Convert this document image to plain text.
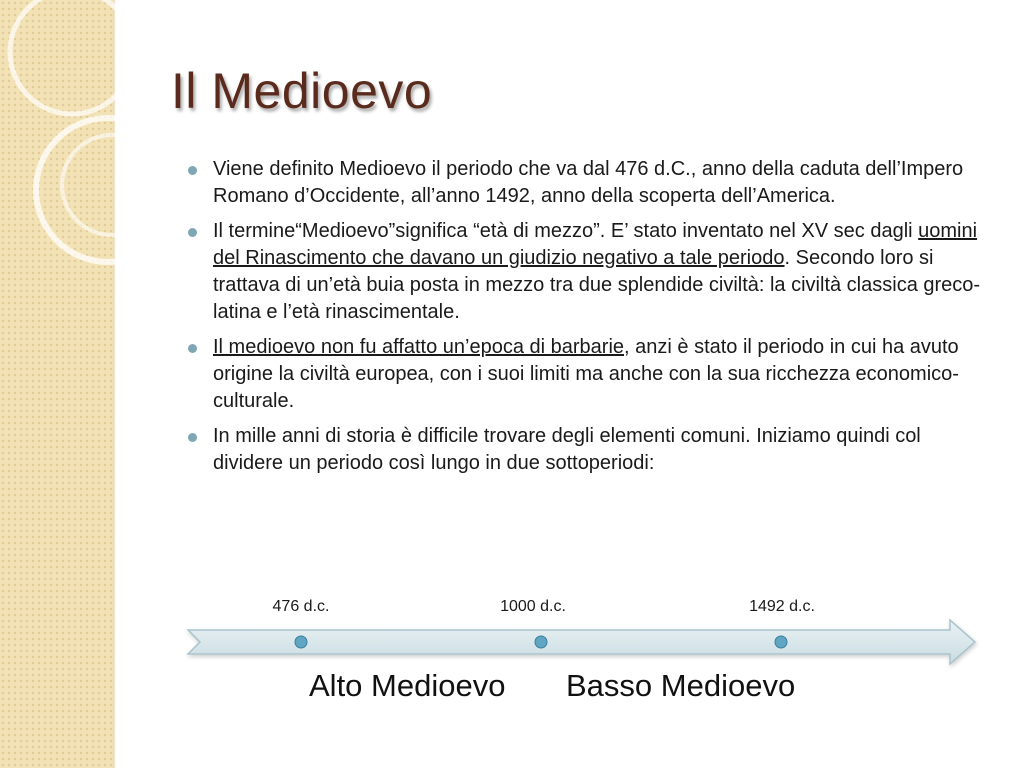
Il Medioevo
Viene definito Medioevo il periodo che va dal 476 d.C., anno della caduta dell’Impero Romano d’Occidente, all’anno 1492, anno della scoperta dell’America.
Il termine“Medioevo”significa “età di mezzo”. E’ stato inventato nel XV sec dagli uomini del Rinascimento che davano un giudizio negativo a tale periodo. Secondo loro si trattava di un’età buia posta in mezzo tra due splendide civiltà: la civiltà classica greco-latina e l’età rinascimentale.
Il medioevo non fu affatto un’epoca di barbarie, anzi è stato il periodo in cui ha avuto origine la civiltà europea, con i suoi limiti ma anche con la sua ricchezza economico-culturale.
In mille anni di storia è difficile trovare degli elementi comuni. Iniziamo quindi col dividere un periodo così lungo in due sottoperiodi:
476 d.c.	1000 d.c.	1492 d.c.
Alto Medioevo Basso Medioevo
